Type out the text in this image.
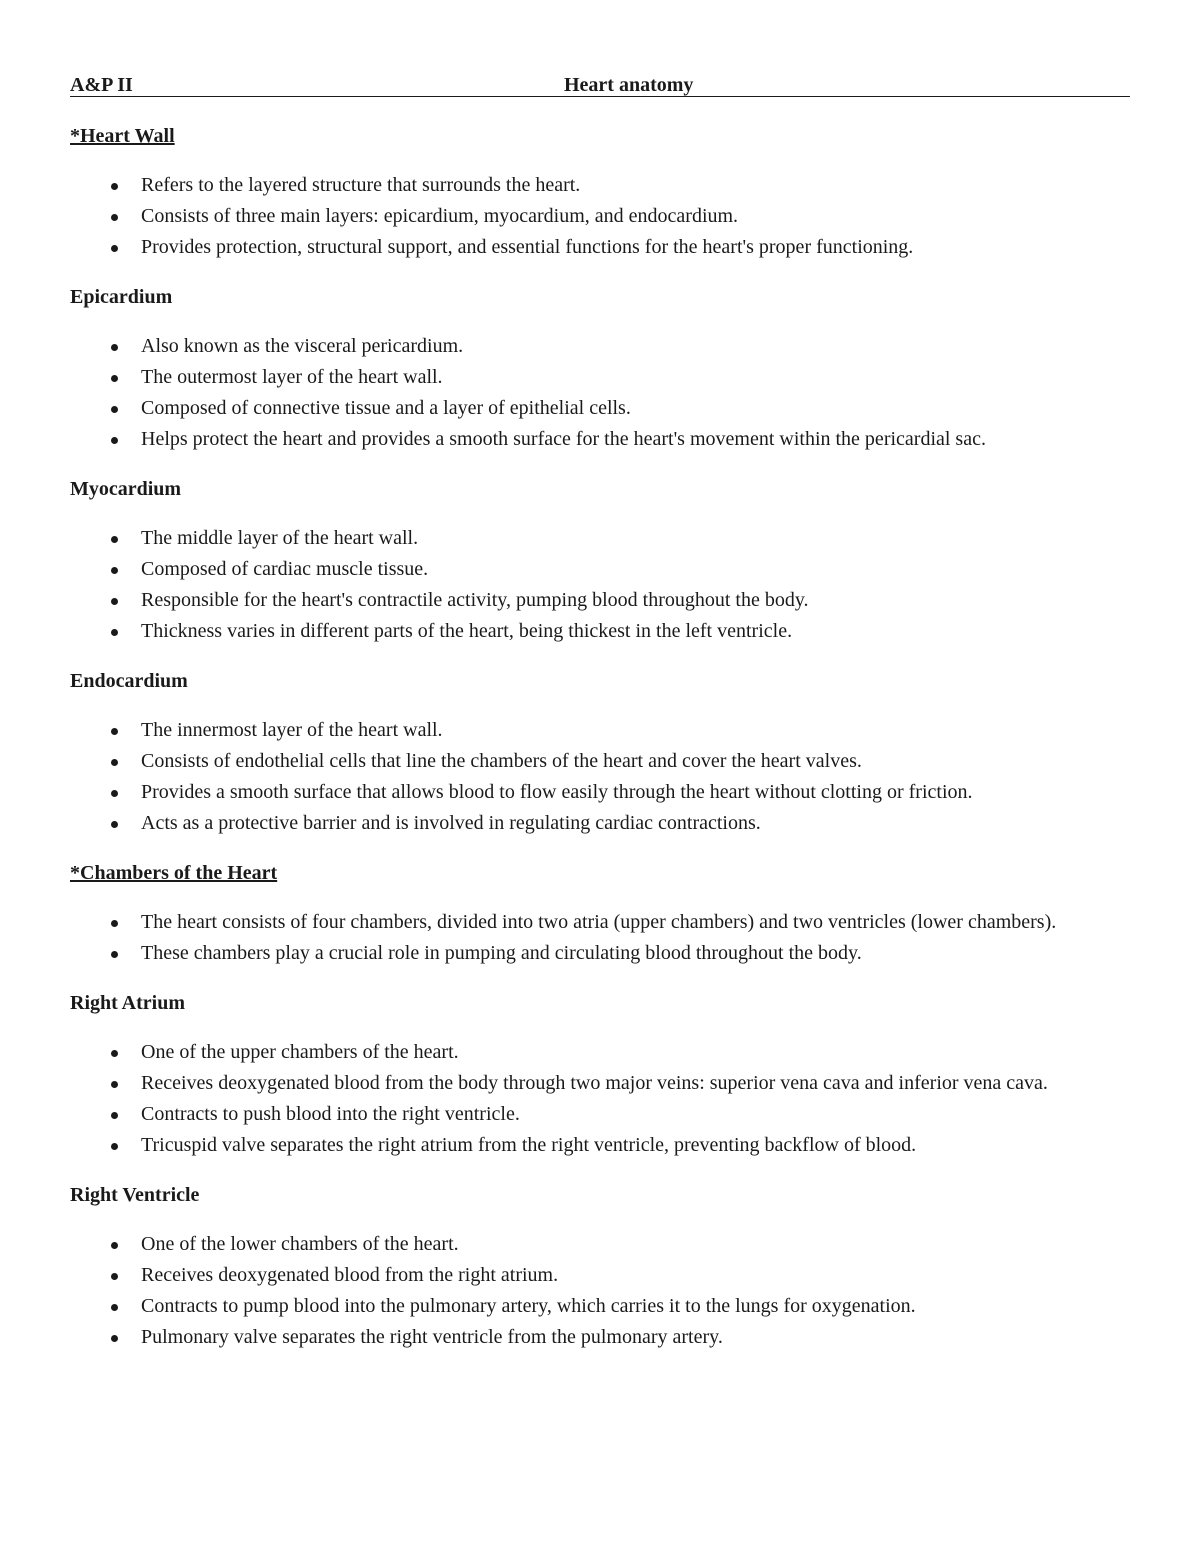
A&P II	Heart anatomy
*Heart Wall
Refers to the layered structure that surrounds the heart.
Consists of three main layers: epicardium, myocardium, and endocardium.
Provides protection, structural support, and essential functions for the heart's proper functioning.
Epicardium
Also known as the visceral pericardium.
The outermost layer of the heart wall.
Composed of connective tissue and a layer of epithelial cells.
Helps protect the heart and provides a smooth surface for the heart's movement within the pericardial sac.
Myocardium
The middle layer of the heart wall.
Composed of cardiac muscle tissue.
Responsible for the heart's contractile activity, pumping blood throughout the body.
Thickness varies in different parts of the heart, being thickest in the left ventricle.
Endocardium
The innermost layer of the heart wall.
Consists of endothelial cells that line the chambers of the heart and cover the heart valves.
Provides a smooth surface that allows blood to flow easily through the heart without clotting or friction.
Acts as a protective barrier and is involved in regulating cardiac contractions.
*Chambers of the Heart
The heart consists of four chambers, divided into two atria (upper chambers) and two ventricles (lower chambers).
These chambers play a crucial role in pumping and circulating blood throughout the body.
Right Atrium
One of the upper chambers of the heart.
Receives deoxygenated blood from the body through two major veins: superior vena cava and inferior vena cava.
Contracts to push blood into the right ventricle.
Tricuspid valve separates the right atrium from the right ventricle, preventing backflow of blood.
Right Ventricle
One of the lower chambers of the heart.
Receives deoxygenated blood from the right atrium.
Contracts to pump blood into the pulmonary artery, which carries it to the lungs for oxygenation.
Pulmonary valve separates the right ventricle from the pulmonary artery.
